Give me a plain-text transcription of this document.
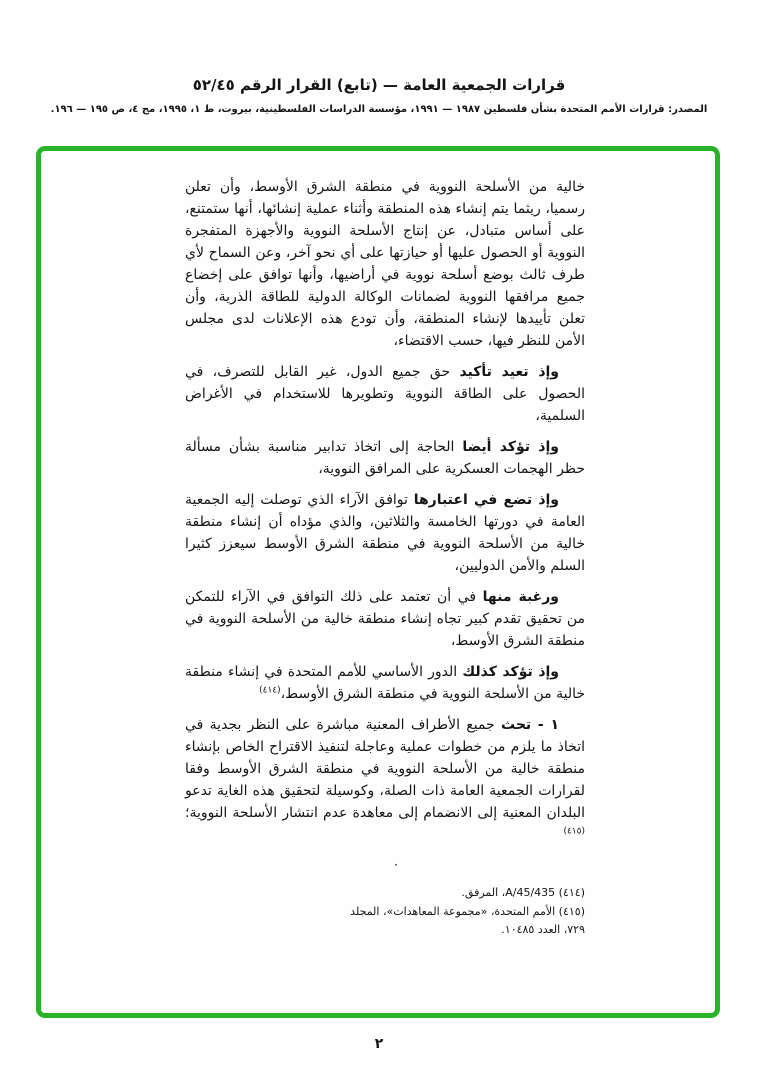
قرارات الجمعية العامة — (تابع) القرار الرقم ٥٢/٤٥
المصدر: قرارات الأمم المتحدة بشأن فلسطين ١٩٨٧ — ١٩٩١، مؤسسة الدراسات الفلسطينية، بيروت، ط ١، ١٩٩٥، مج ٤، ص ١٩٥ — ١٩٦.

خالية من الأسلحة النووية في منطقة الشرق الأوسط، وأن تعلن رسميا، ريثما يتم إنشاء هذه المنطقة وأثناء عملية إنشائها، أنها ستمتنع، على أساس متبادل، عن إنتاج الأسلحة النووية والأجهزة المتفجرة النووية أو الحصول عليها أو حيازتها على أي نحو آخر، وعن السماح لأي طرف ثالث بوضع أسلحة نووية في أراضيها، وأنها توافق على إخضاع جميع مرافقها النووية لضمانات الوكالة الدولية للطاقة الذرية، وأن تعلن تأييدها لإنشاء المنطقة، وأن تودع هذه الإعلانات لدى مجلس الأمن للنظر فيها، حسب الاقتضاء،

وإذ تعيد تأكيد حق جميع الدول، غير القابل للتصرف، في الحصول على الطاقة النووية وتطويرها للاستخدام في الأغراض السلمية،

وإذ تؤكد أيضا الحاجة إلى اتخاذ تدابير مناسبة بشأن مسألة حظر الهجمات العسكرية على المرافق النووية،

وإذ تضع في اعتبارها توافق الآراء الذي توصلت إليه الجمعية العامة في دورتها الخامسة والثلاثين، والذي مؤداه أن إنشاء منطقة خالية من الأسلحة النووية في منطقة الشرق الأوسط سيعزز كثيرا السلم والأمن الدوليين،

ورغبة منها في أن تعتمد على ذلك التوافق في الآراء للتمكن من تحقيق تقدم كبير تجاه إنشاء منطقة خالية من الأسلحة النووية في منطقة الشرق الأوسط،

وإذ تؤكد كذلك الدور الأساسي للأمم المتحدة في إنشاء منطقة خالية من الأسلحة النووية في منطقة الشرق الأوسط،$^{(٤١٤)}$

١ - تحث جميع الأطراف المعنية مباشرة على النظر بجدية في اتخاذ ما يلزم من خطوات عملية وعاجلة لتنفيذ الاقتراح الخاص بإنشاء منطقة خالية من الأسلحة النووية في منطقة الشرق الأوسط وفقا لقرارات الجمعية العامة ذات الصلة، وكوسيلة لتحقيق هذه الغاية تدعو البلدان المعنية إلى الانضمام إلى معاهدة عدم انتشار الأسلحة النووية؛$^{(٤١٥)}$

·
(٤١٤) A/45/435، المرفق.
(٤١٥) الأمم المتحدة، «مجموعة المعاهدات»، المجلد ٧٢٩، العدد ١٠٤٨٥.
٢
